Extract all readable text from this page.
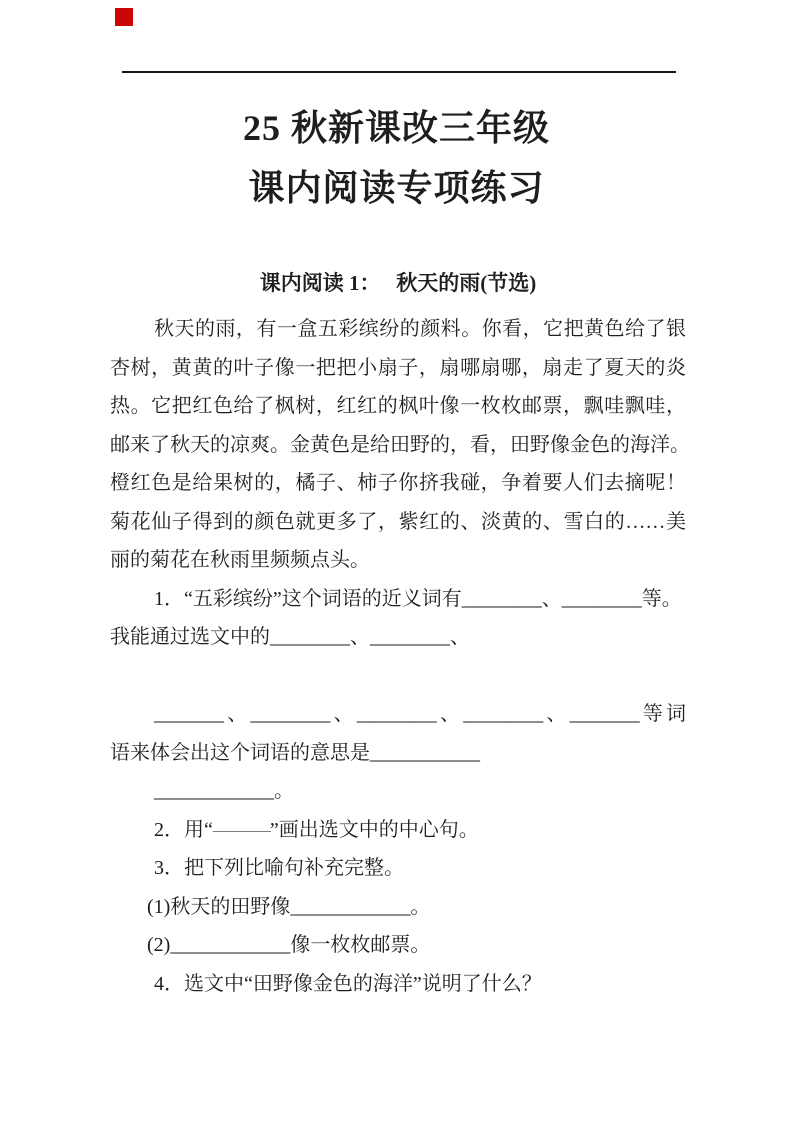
25 秋新课改三年级
课内阅读专项练习
课内阅读 1：　 秋天的雨(节选)
秋天的雨，有一盒五彩缤纷的颜料。你看，它把黄色给了银
杏树，黄黄的叶子像一把把小扇子，扇哪扇哪，扇走了夏天的炎
热。它把红色给了枫树，红红的枫叶像一枚枚邮票，飘哇飘哇，
邮来了秋天的凉爽。金黄色是给田野的，看，田野像金色的海洋。
橙红色是给果树的，橘子、柿子你挤我碰，争着要人们去摘呢！
菊花仙子得到的颜色就更多了，紫红的、淡黄的、雪白的……美
丽的菊花在秋雨里频频点头。
1．“五彩缤纷”这个词语的近义词有________、________等。
我能通过选文中的________、________、
_______、________、________、________、_______等词
语来体会出这个词语的意思是___________
____________。
2．用“———”画出选文中的中心句。
3．把下列比喻句补充完整。
(1)秋天的田野像____________。
(2)____________像一枚枚邮票。
4．选文中“田野像金色的海洋”说明了什么？
